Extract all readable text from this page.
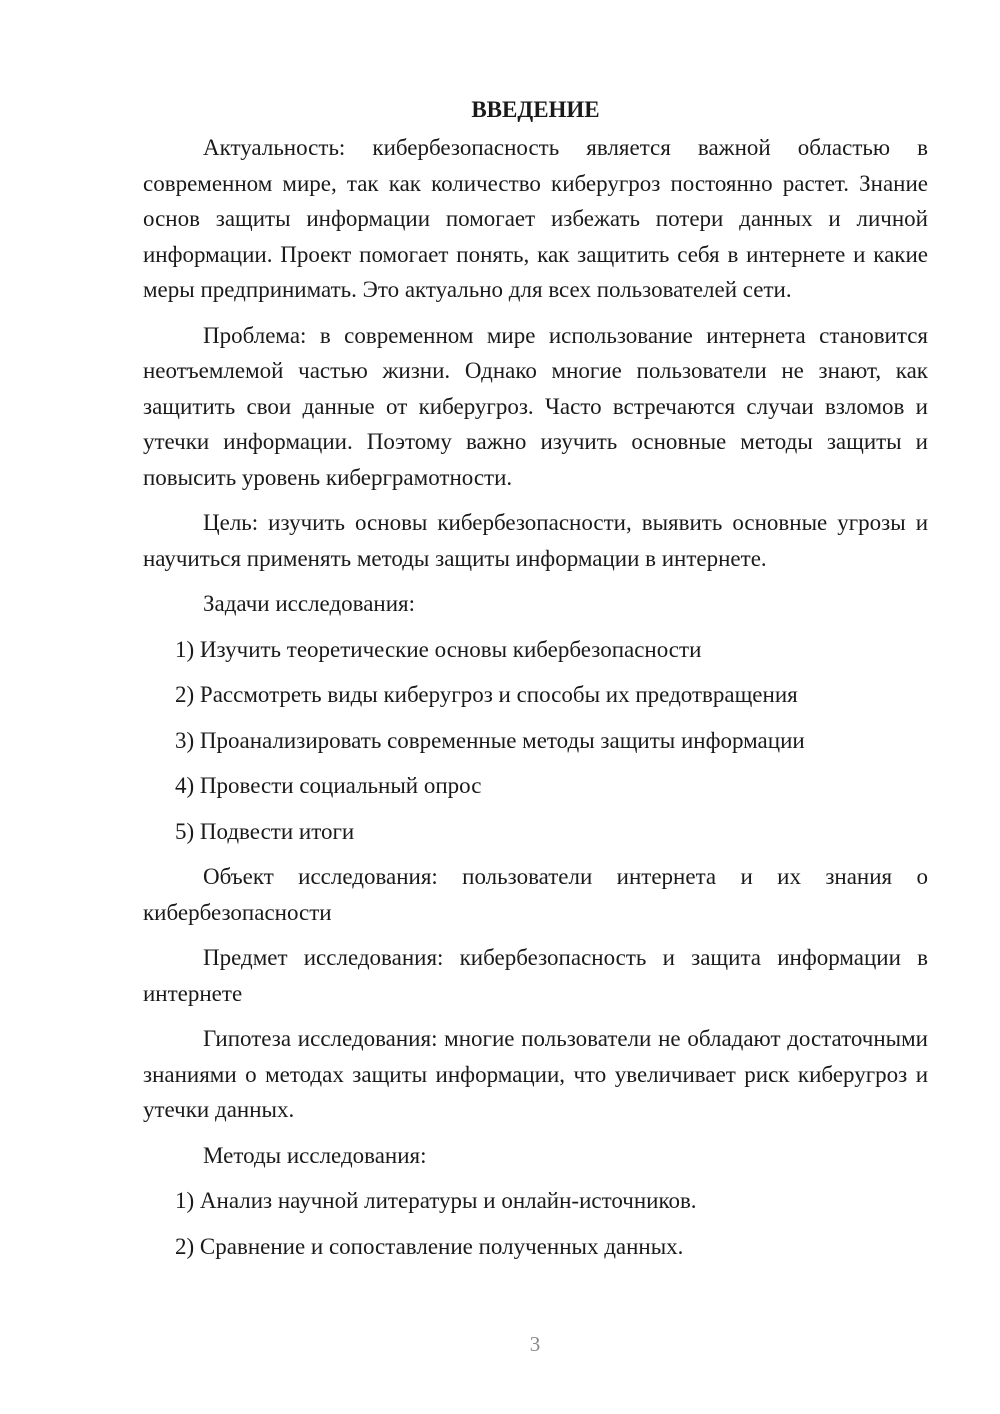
ВВЕДЕНИЕ

Актуальность: кибербезопасность является важной областью в современном мире, так как количество киберугроз постоянно растет. Знание основ защиты информации помогает избежать потери данных и личной информации. Проект помогает понять, как защитить себя в интернете и какие меры предпринимать. Это актуально для всех пользователей сети.

Проблема: в современном мире использование интернета становится неотъемлемой частью жизни. Однако многие пользователи не знают, как защитить свои данные от киберугроз. Часто встречаются случаи взломов и утечки информации. Поэтому важно изучить основные методы защиты и повысить уровень киберграмотности.

Цель: изучить основы кибербезопасности, выявить основные угрозы и научиться применять методы защиты информации в интернете.

Задачи исследования:

1) Изучить теоретические основы кибербезопасности
2) Рассмотреть виды киберугроз и способы их предотвращения
3) Проанализировать современные методы защиты информации
4) Провести социальный опрос
5) Подвести итоги

Объект исследования: пользователи интернета и их знания о кибербезопасности

Предмет исследования: кибербезопасность и защита информации в интернете

Гипотеза исследования: многие пользователи не обладают достаточными знаниями о методах защиты информации, что увеличивает риск киберугроз и утечки данных.

Методы исследования:

1) Анализ научной литературы и онлайн-источников.
2) Сравнение и сопоставление полученных данных.
3
